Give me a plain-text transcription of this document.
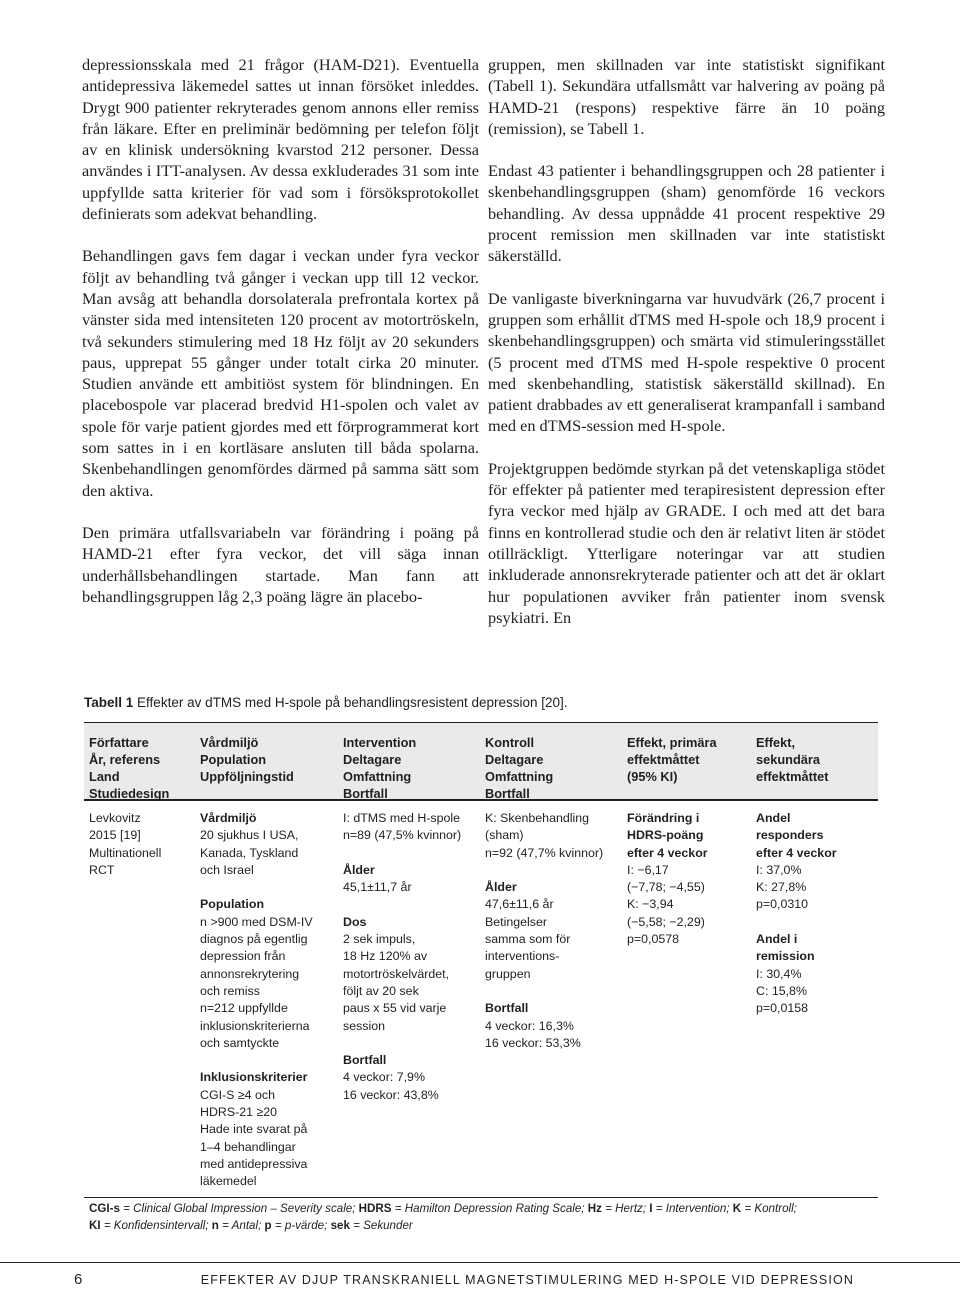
depressionsskala med 21 frågor (HAM-D21). Eventuella antidepressiva läkemedel sattes ut innan försöket inleddes. Drygt 900 patienter rekryterades genom annons eller remiss från läkare. Efter en preliminär bedömning per telefon följt av en klinisk undersökning kvarstod 212 personer. Dessa användes i ITT-analysen. Av dessa exkluderades 31 som inte uppfyllde satta kriterier för vad som i försöksprotokollet definierats som adekvat behandling.

Behandlingen gavs fem dagar i veckan under fyra veckor följt av behandling två gånger i veckan upp till 12 veckor. Man avsåg att behandla dorsolaterala prefrontala kortex på vänster sida med intensiteten 120 procent av motortröskeln, två sekunders stimulering med 18 Hz följt av 20 sekunders paus, upprepat 55 gånger under totalt cirka 20 minuter. Studien använde ett ambitiöst system för blindningen. En placebospole var placerad bredvid H1-spolen och valet av spole för varje patient gjordes med ett förprogrammerat kort som sattes in i en kortläsare ansluten till båda spolarna. Skenbehandlingen genomfördes därmed på samma sätt som den aktiva.

Den primära utfallsvariabeln var förändring i poäng på HAMD-21 efter fyra veckor, det vill säga innan underhållsbehandlingen startade. Man fann att behandlingsgruppen låg 2,3 poäng lägre än placebo-

gruppen, men skillnaden var inte statistiskt signifikant (Tabell 1). Sekundära utfallsmått var halvering av poäng på HAMD-21 (respons) respektive färre än 10 poäng (remission), se Tabell 1.

Endast 43 patienter i behandlingsgruppen och 28 patienter i skenbehandlingsgruppen (sham) genomförde 16 veckors behandling. Av dessa uppnådde 41 procent respektive 29 procent remission men skillnaden var inte statistiskt säkerställd.

De vanligaste biverkningarna var huvudvärk (26,7 procent i gruppen som erhållit dTMS med H-spole och 18,9 procent i skenbehandlingsgruppen) och smärta vid stimuleringsstället (5 procent med dTMS med H-spole respektive 0 procent med skenbehandling, statistisk säkerställd skillnad). En patient drabbades av ett generaliserat krampanfall i samband med en dTMS-session med H-spole.

Projektgruppen bedömde styrkan på det vetenskapliga stödet för effekter på patienter med terapiresistent depression efter fyra veckor med hjälp av GRADE. I och med att det bara finns en kontrollerad studie och den är relativt liten är stödet otillräckligt. Ytterligare noteringar var att studien inkluderade annonsrekryterade patienter och att det är oklart hur populationen avviker från patienter inom svensk psykiatri. En

Tabell 1 Effekter av dTMS med H-spole på behandlingsresistent depression [20].
Författare
År, referens
Land
Studiedesign
Vårdmiljö
Population
Uppföljningstid
Intervention
Deltagare
Omfattning
Bortfall
Kontroll
Deltagare
Omfattning
Bortfall
Effekt, primära
effektmåttet
(95% KI)
Effekt,
sekundära
effektmåttet
Levkovitz
2015 [19]
Multinationell
RCT
Vårdmiljö
20 sjukhus I USA,
Kanada, Tyskland
och Israel
Population
n >900 med DSM-IV
diagnos på egentlig
depression från
annonsrekrytering
och remiss
n=212 uppfyllde
inklusionskriterierna
och samtyckte
Inklusionskriterier
CGI-S ≥4 och
HDRS-21 ≥20
Hade inte svarat på
1–4 behandlingar
med antidepressiva
läkemedel
I: dTMS med H-spole
n=89 (47,5% kvinnor)
Ålder
45,1±11,7 år
Dos
2 sek impuls,
18 Hz 120% av
motortröskelvärdet,
följt av 20 sek
paus x 55 vid varje
session
Bortfall
4 veckor: 7,9%
16 veckor: 43,8%
K: Skenbehandling
(sham)
n=92 (47,7% kvinnor)
Ålder
47,6±11,6 år
Betingelser
samma som för
interventions-
gruppen
Bortfall
4 veckor: 16,3%
16 veckor: 53,3%
Förändring i
HDRS-poäng
efter 4 veckor
I: −6,17
(−7,78; −4,55)
K: −3,94
(−5,58; −2,29)
p=0,0578
Andel
responders
efter 4 veckor
I: 37,0%
K: 27,8%
p=0,0310
Andel i
remission
I: 30,4%
C: 15,8%
p=0,0158
CGI-s = Clinical Global Impression – Severity scale; HDRS = Hamilton Depression Rating Scale; Hz = Hertz; I = Intervention; K = Kontroll;
KI = Konfidensintervall; n = Antal; p = p-värde; sek = Sekunder
6	EFFEKTER AV DJUP TRANSKRANIELL MAGNETSTIMULERING MED H-SPOLE VID DEPRESSION
